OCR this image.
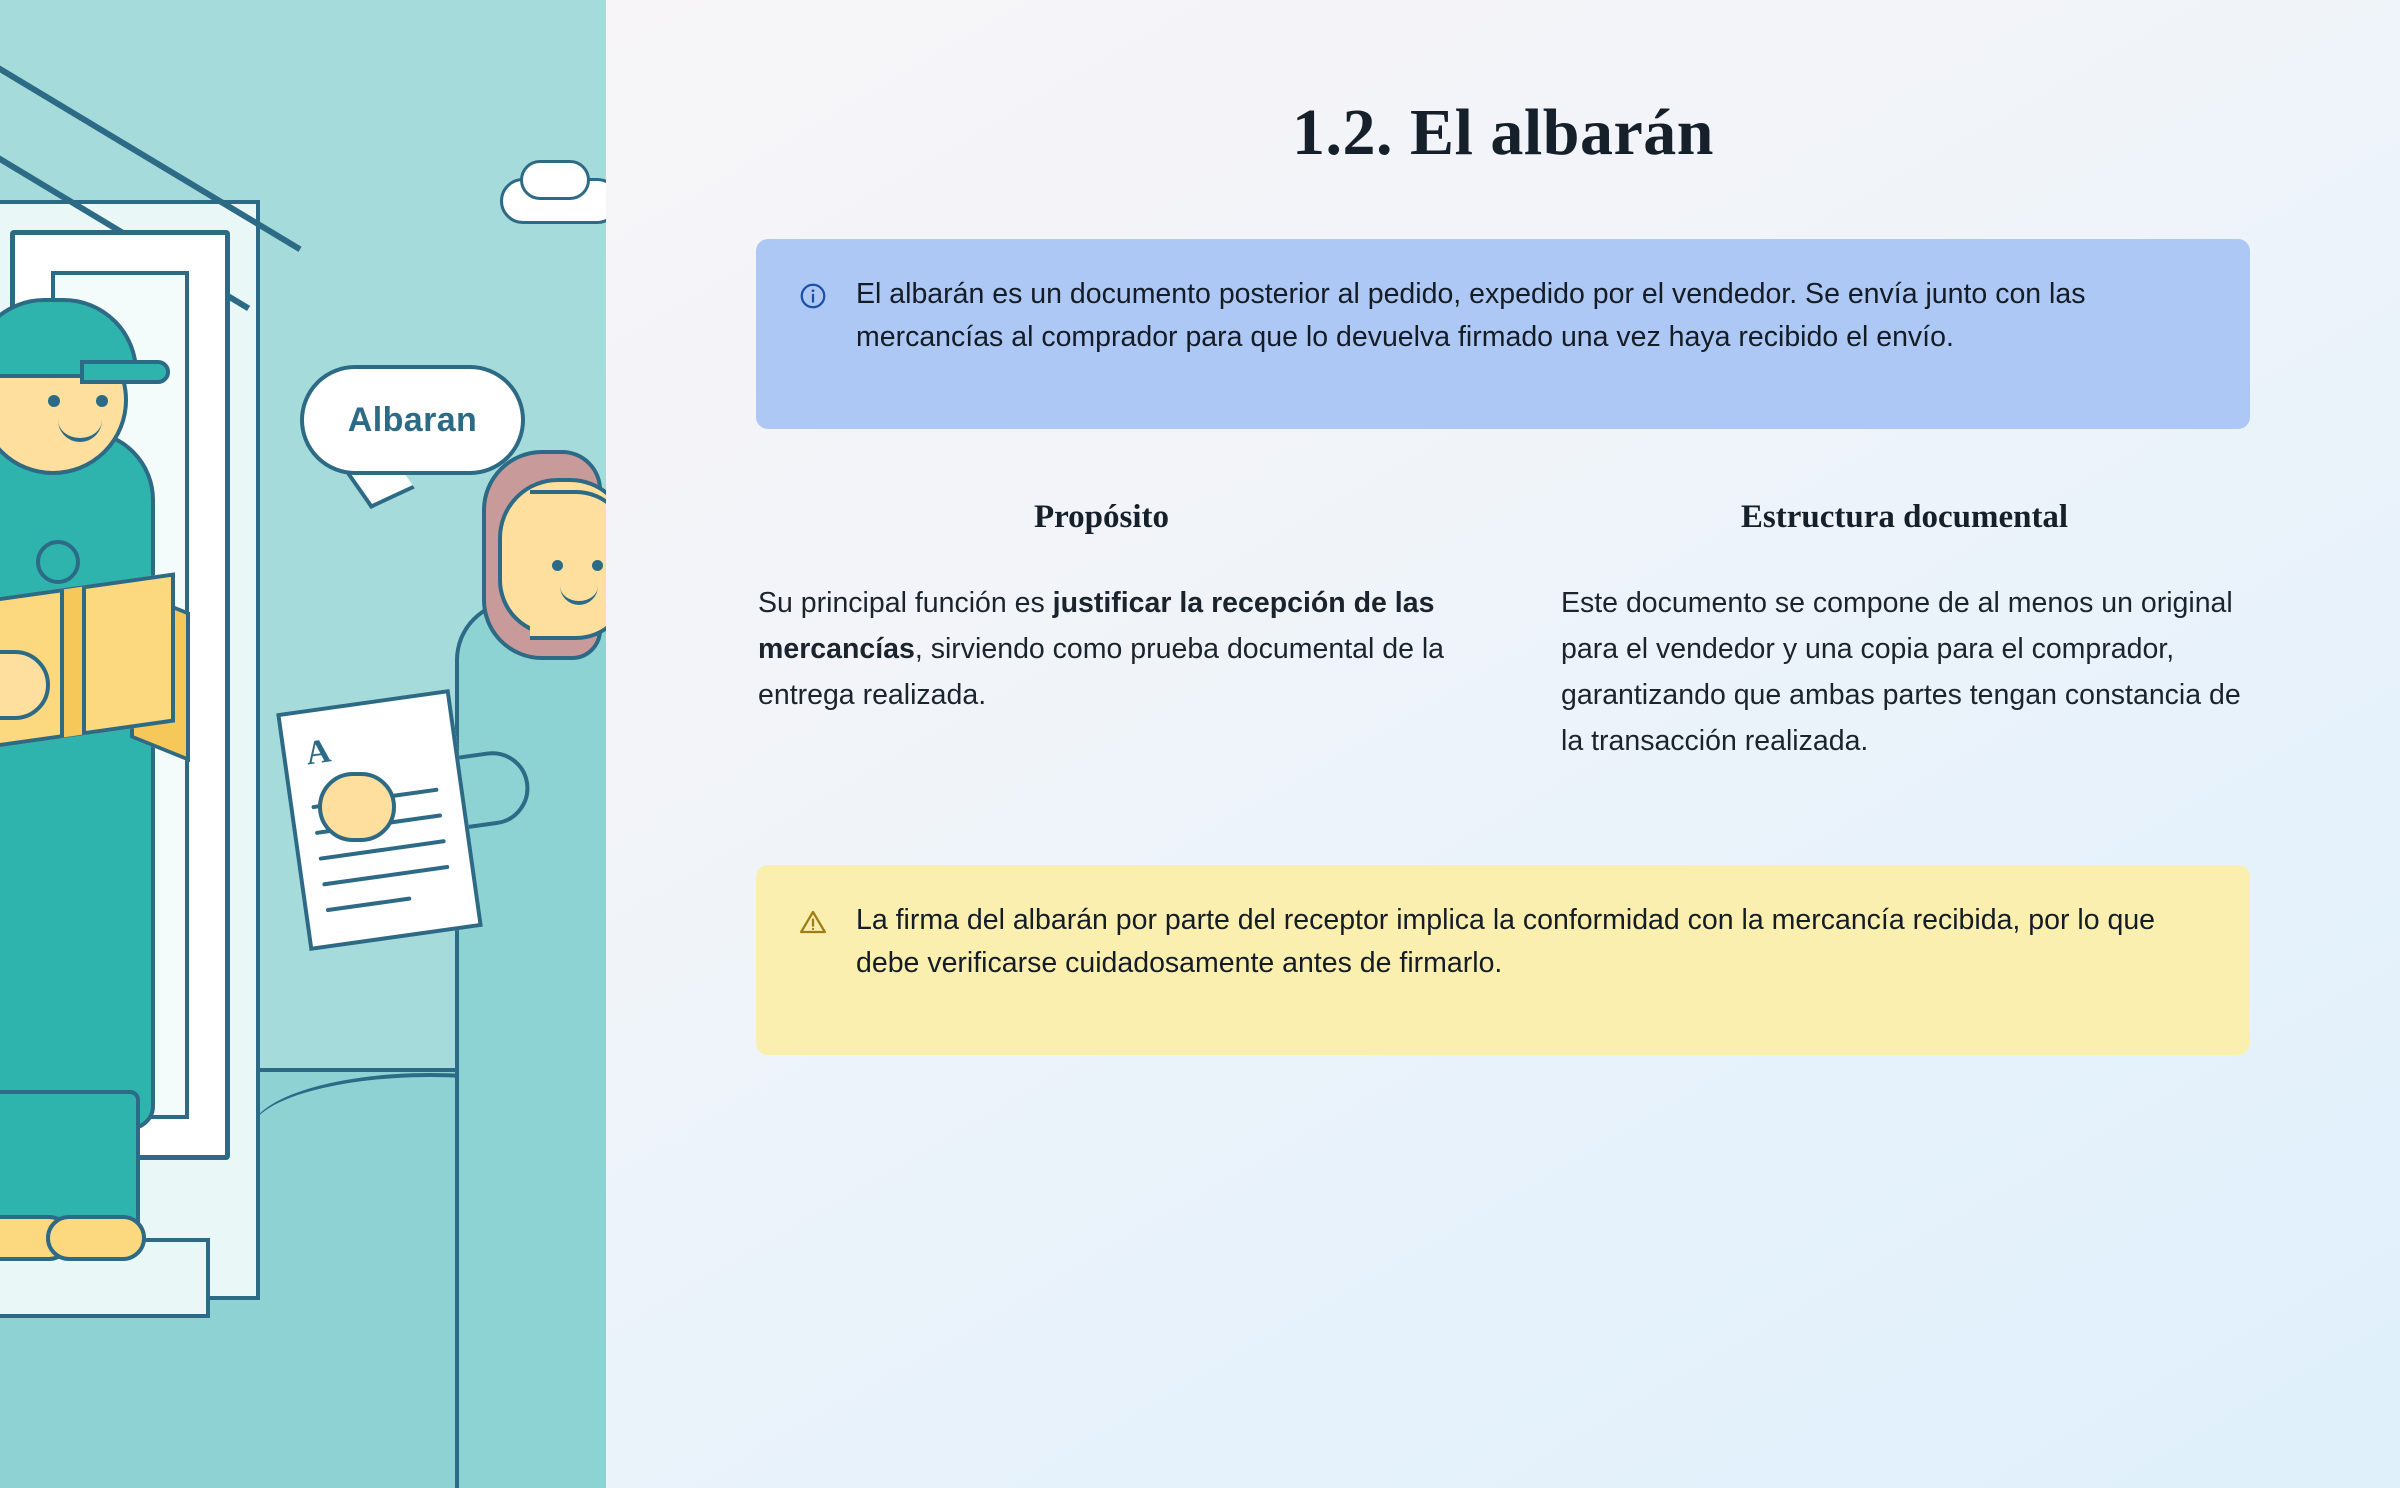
Albaran
A
1.2. El albarán
El albarán es un documento posterior al pedido, expedido por el vendedor. Se envía junto con las mercancías al comprador para que lo devuelva firmado una vez haya recibido el envío.
Propósito
Su principal función es justificar la recepción de las mercancías, sirviendo como prueba documental de la entrega realizada.
Estructura documental
Este documento se compone de al menos un original para el vendedor y una copia para el comprador, garantizando que ambas partes tengan constancia de la transacción realizada.
La firma del albarán por parte del receptor implica la conformidad con la mercancía recibida, por lo que debe verificarse cuidadosamente antes de firmarlo.
